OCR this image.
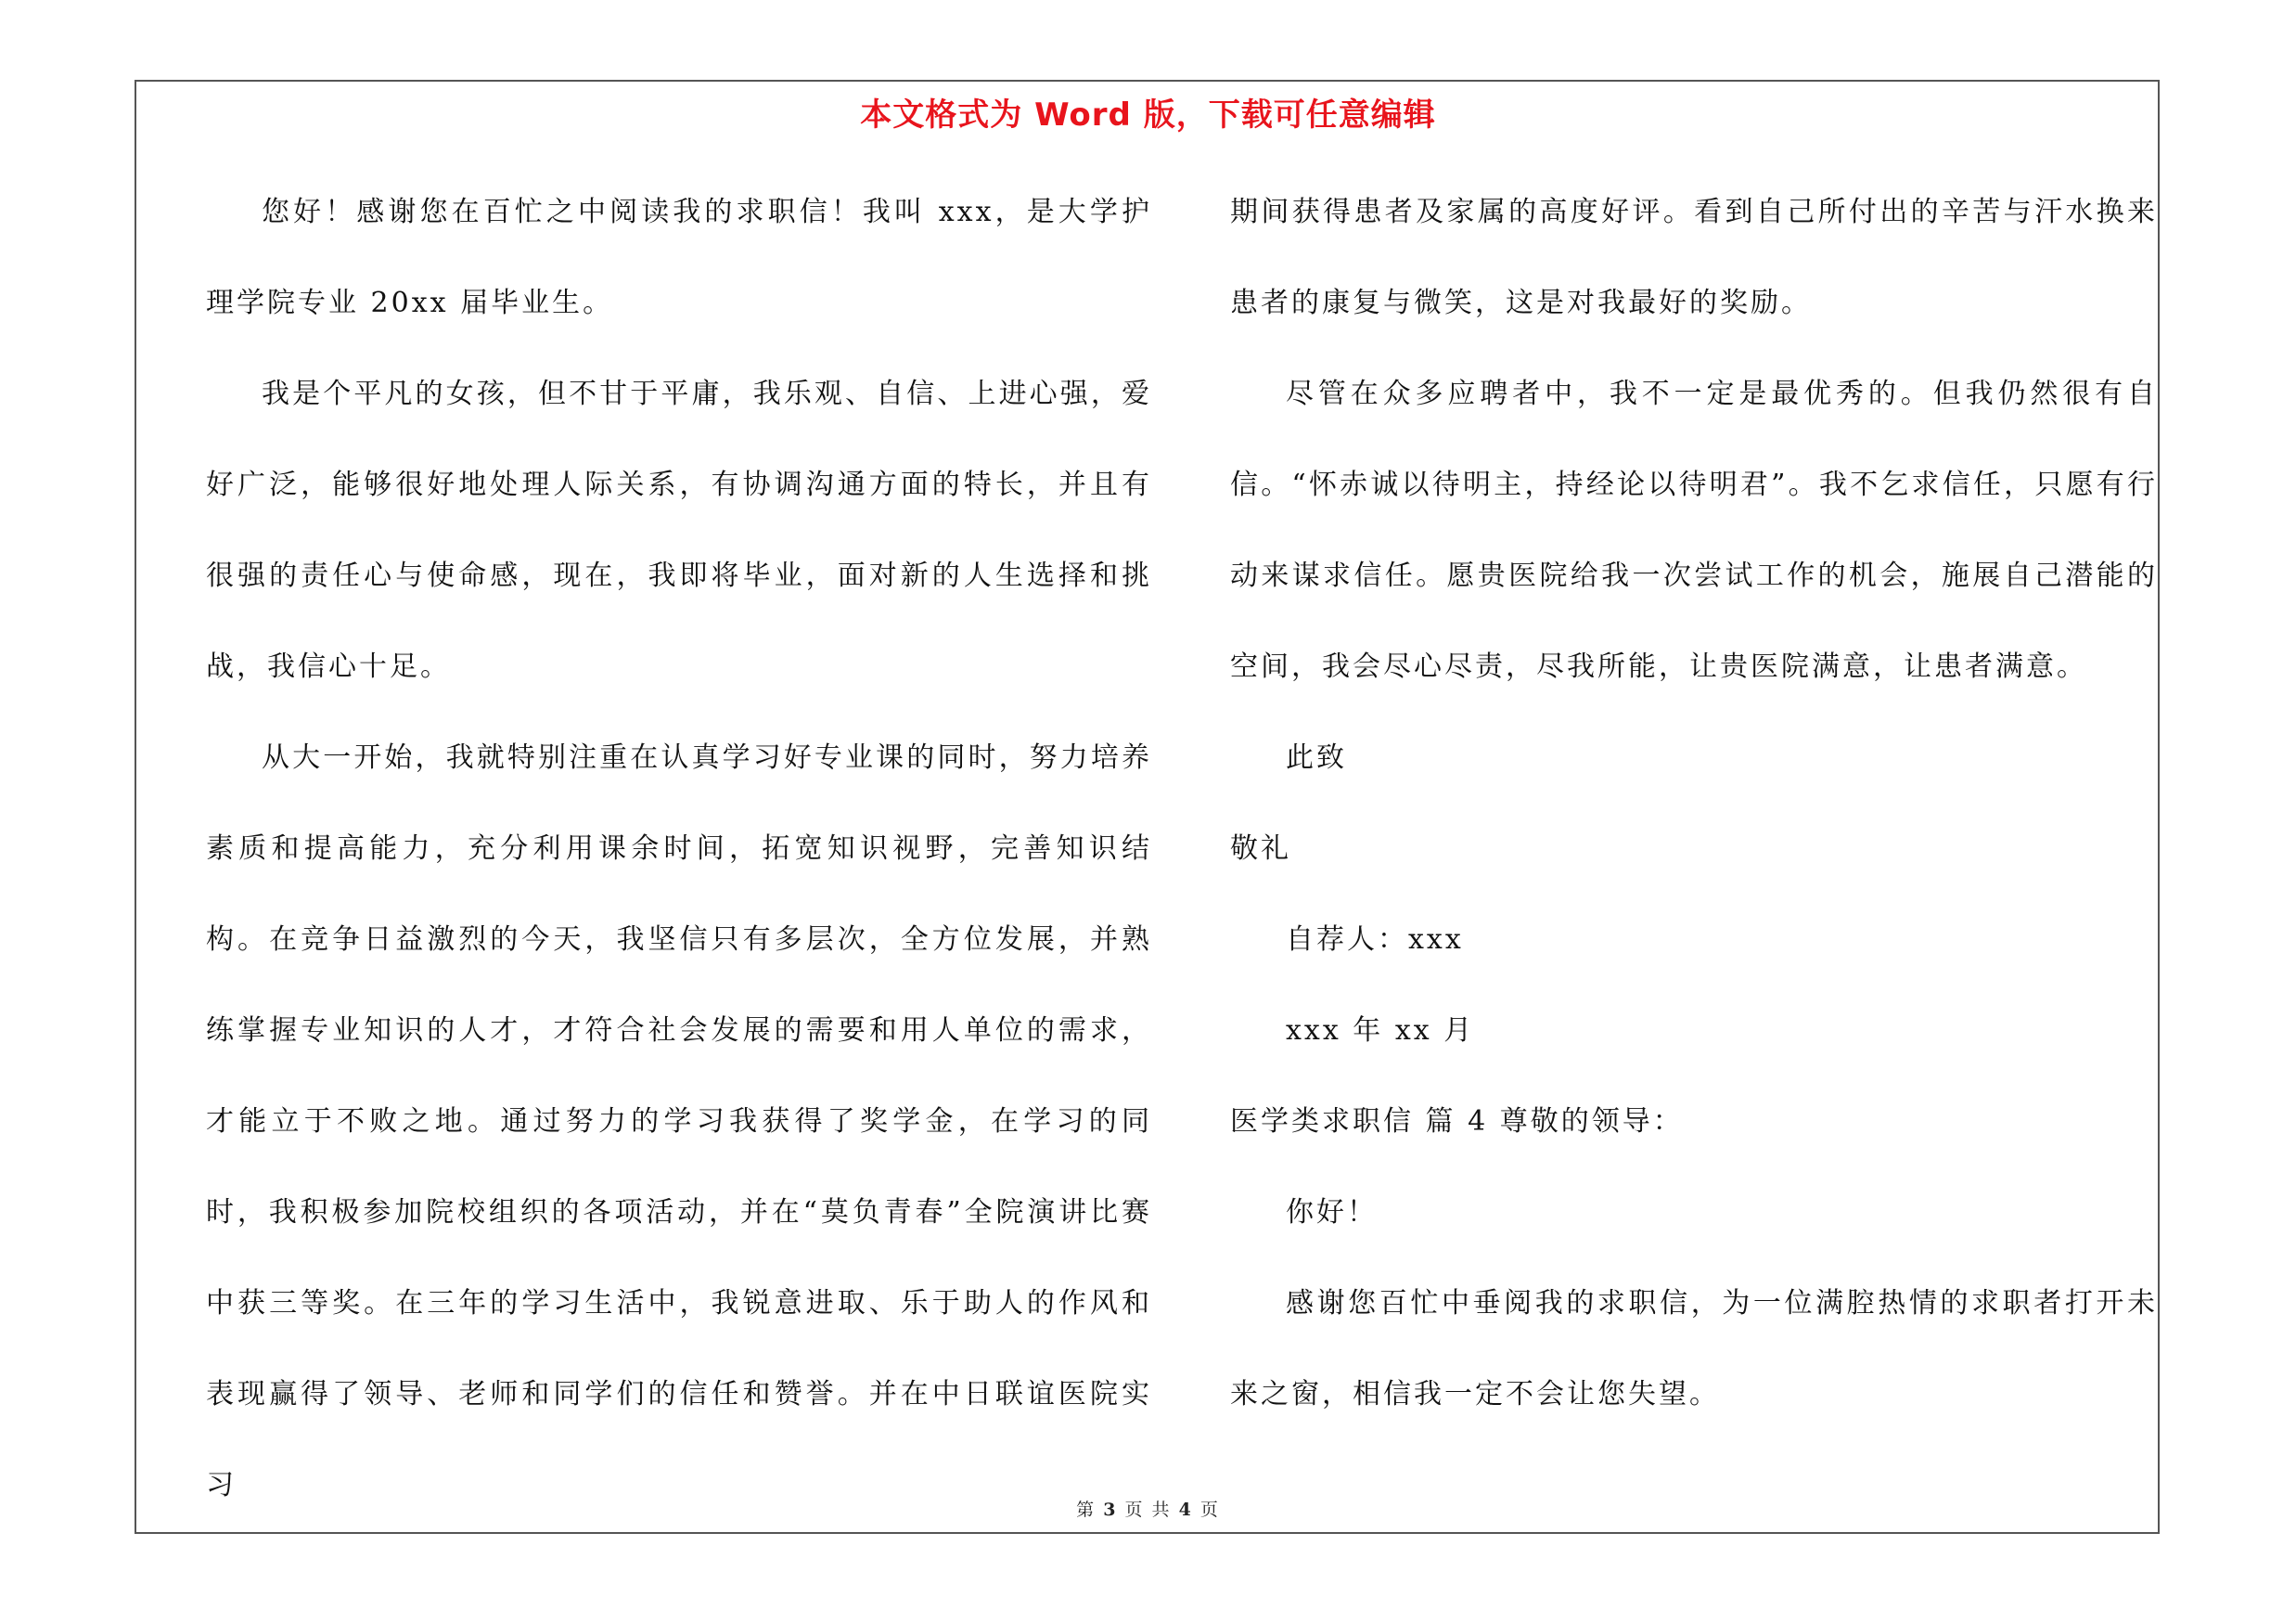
本文格式为 Word 版，下载可任意编辑

您好！感谢您在百忙之中阅读我的求职信！我叫 xxx，是大学护理学院专业 20xx 届毕业生。

我是个平凡的女孩，但不甘于平庸，我乐观、自信、上进心强，爱好广泛，能够很好地处理人际关系，有协调沟通方面的特长，并且有很强的责任心与使命感，现在，我即将毕业，面对新的人生选择和挑战，我信心十足。

从大一开始，我就特别注重在认真学习好专业课的同时，努力培养素质和提高能力，充分利用课余时间，拓宽知识视野，完善知识结构。在竞争日益激烈的今天，我坚信只有多层次，全方位发展，并熟练掌握专业知识的人才，才符合社会发展的需要和用人单位的需求，才能立于不败之地。通过努力的学习我获得了奖学金，在学习的同时，我积极参加院校组织的各项活动，并在“莫负青春”全院演讲比赛中获三等奖。在三年的学习生活中，我锐意进取、乐于助人的作风和表现赢得了领导、老师和同学们的信任和赞誉。并在中日联谊医院实习

期间获得患者及家属的高度好评。看到自己所付出的辛苦与汗水换来患者的康复与微笑，这是对我最好的奖励。

尽管在众多应聘者中，我不一定是最优秀的。但我仍然很有自信。“怀赤诚以待明主，持经论以待明君”。我不乞求信任，只愿有行动来谋求信任。愿贵医院给我一次尝试工作的机会，施展自己潜能的空间，我会尽心尽责，尽我所能，让贵医院满意，让患者满意。

此致

敬礼

自荐人：xxx

xxx 年 xx 月

医学类求职信 篇 4 尊敬的领导：

你好！

感谢您百忙中垂阅我的求职信，为一位满腔热情的求职者打开未来之窗，相信我一定不会让您失望。

第 3 页 共 4 页
